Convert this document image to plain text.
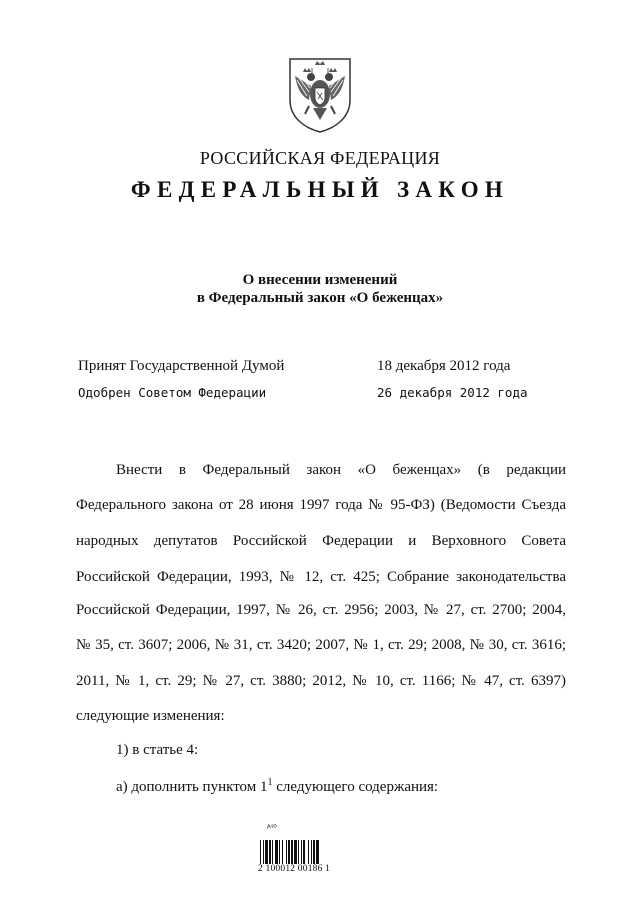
РОССИЙСКАЯ ФЕДЕРАЦИЯ
ФЕДЕРАЛЬНЫЙ ЗАКОН
О внесении изменений
в Федеральный закон «О беженцах»
Принят Государственной Думой	18 декабря 2012 года
Одобрен Советом Федерации	26 декабря 2012 года
Внести в Федеральный закон «О беженцах» (в редакции
Федерального закона от 28 июня 1997 года № 95-ФЗ) (Ведомости Съезда
народных депутатов Российской Федерации и Верховного Совета
Российской Федерации, 1993, № 12, ст. 425; Собрание законодательства
Российской Федерации, 1997, № 26, ст. 2956; 2003, № 27, ст. 2700; 2004,
№ 35, ст. 3607; 2006, № 31, ст. 3420; 2007, № 1, ст. 29; 2008, № 30, ст. 3616;
2011, № 1, ст. 29; № 27, ст. 3880; 2012, № 10, ст. 1166; № 47, ст. 6397)
следующие изменения:
1) в статье 4:
а) дополнить пунктом $1^1$ следующего содержания:
Ато
2 100012 00186 1
